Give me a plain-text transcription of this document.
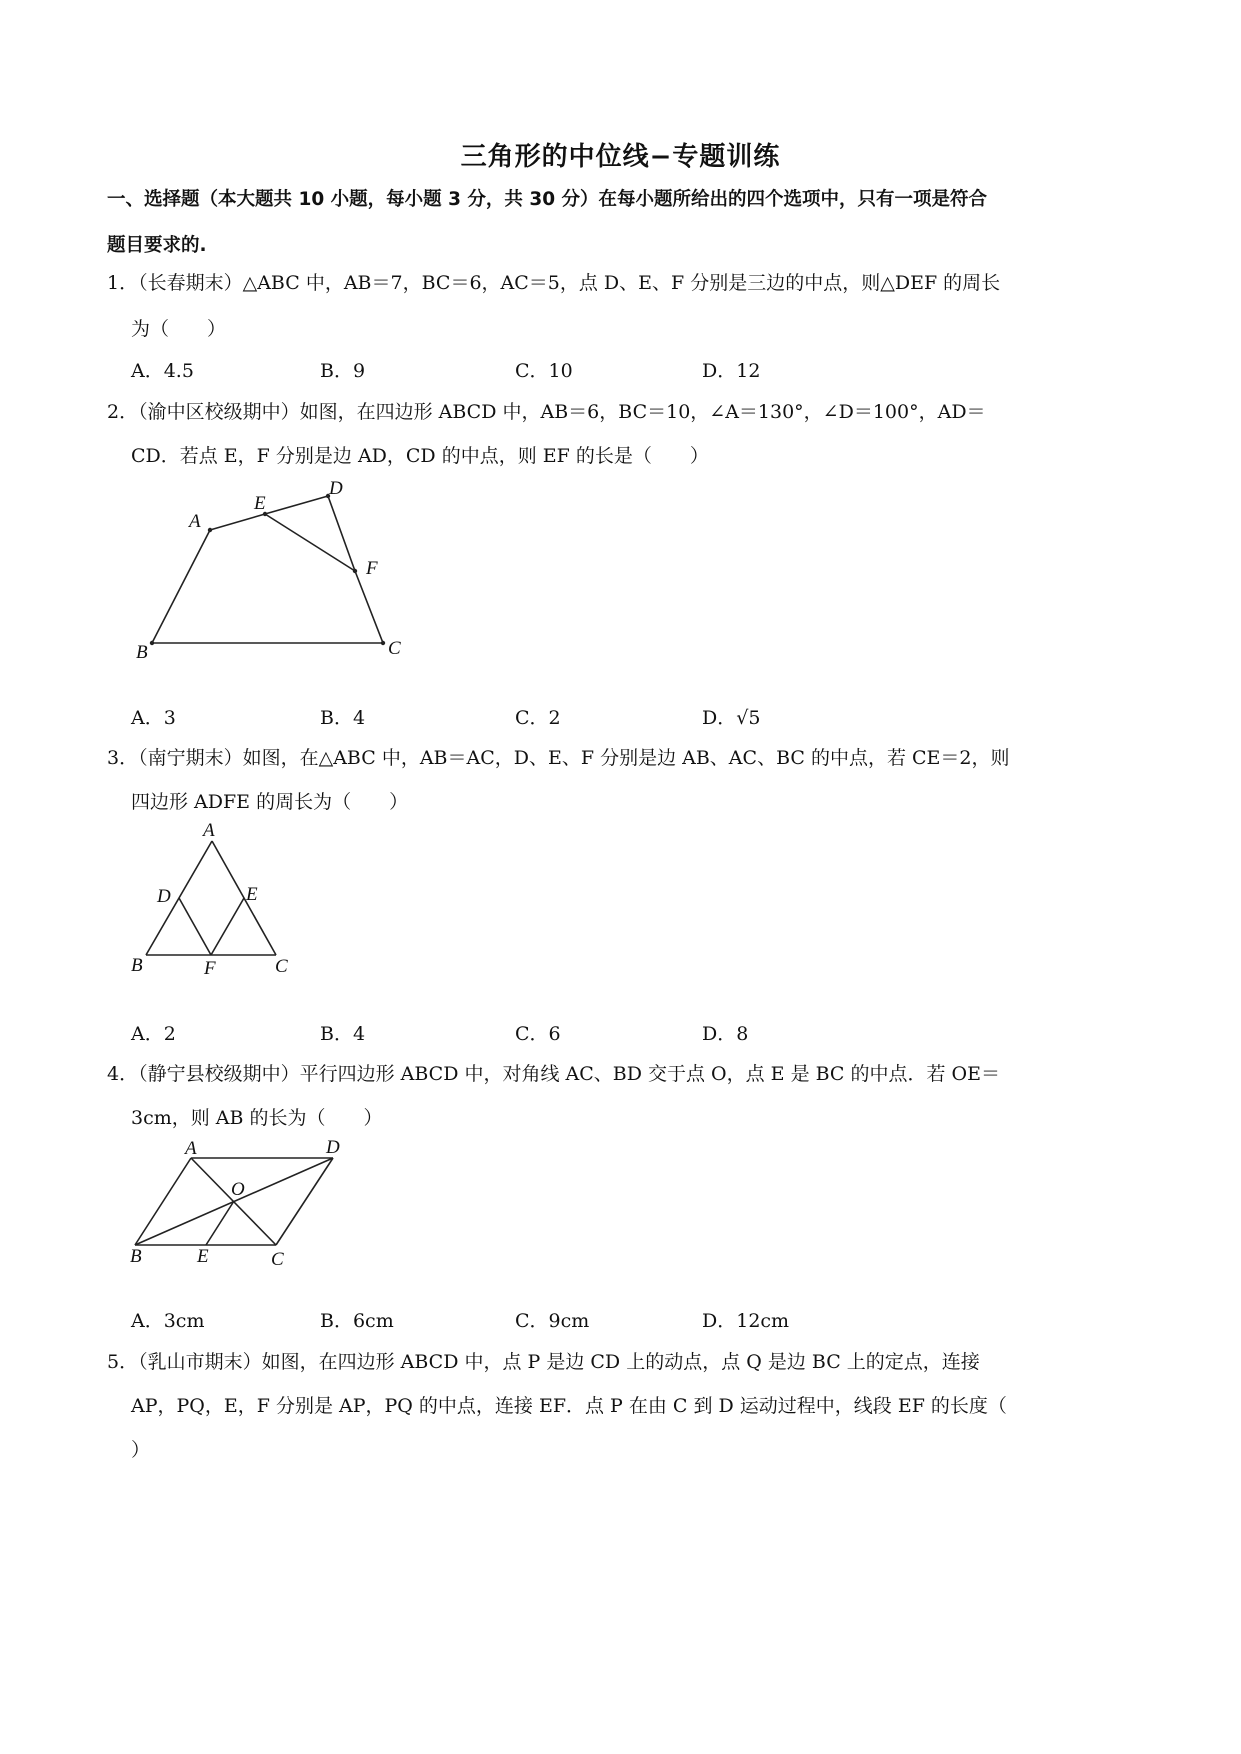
三角形的中位线−专题训练
一、选择题（本大题共 10 小题，每小题 3 分，共 30 分）在每小题所给出的四个选项中，只有一项是符合
题目要求的.
1．（长春期末）△ABC 中，AB＝7，BC＝6，AC＝5，点 D、E、F 分别是三边的中点，则△DEF 的周长
为（　　）
A．4.5	B．9	C．10	D．12
2．（渝中区校级期中）如图，在四边形 ABCD 中，AB＝6，BC＝10，∠A＝130°，∠D＝100°，AD＝
CD．若点 E，F 分别是边 AD，CD 的中点，则 EF 的长是（　　）
A
E
D
F
B	C
A
D	E
B	F	C
A	D
O
B	E	C
A．3	B．4	C．2	D．√5
3．（南宁期末）如图，在△ABC 中，AB＝AC，D、E、F 分别是边 AB、AC、BC 的中点，若 CE＝2，则
四边形 ADFE 的周长为（　　）
A．2	B．4	C．6	D．8
4．（静宁县校级期中）平行四边形 ABCD 中，对角线 AC、BD 交于点 O，点 E 是 BC 的中点．若 OE＝
3cm，则 AB 的长为（　　）
A．3cm	B．6cm	C．9cm	D．12cm
5．（乳山市期末）如图，在四边形 ABCD 中，点 P 是边 CD 上的动点，点 Q 是边 BC 上的定点，连接
AP，PQ，E，F 分别是 AP，PQ 的中点，连接 EF．点 P 在由 C 到 D 运动过程中，线段 EF 的长度（
）
